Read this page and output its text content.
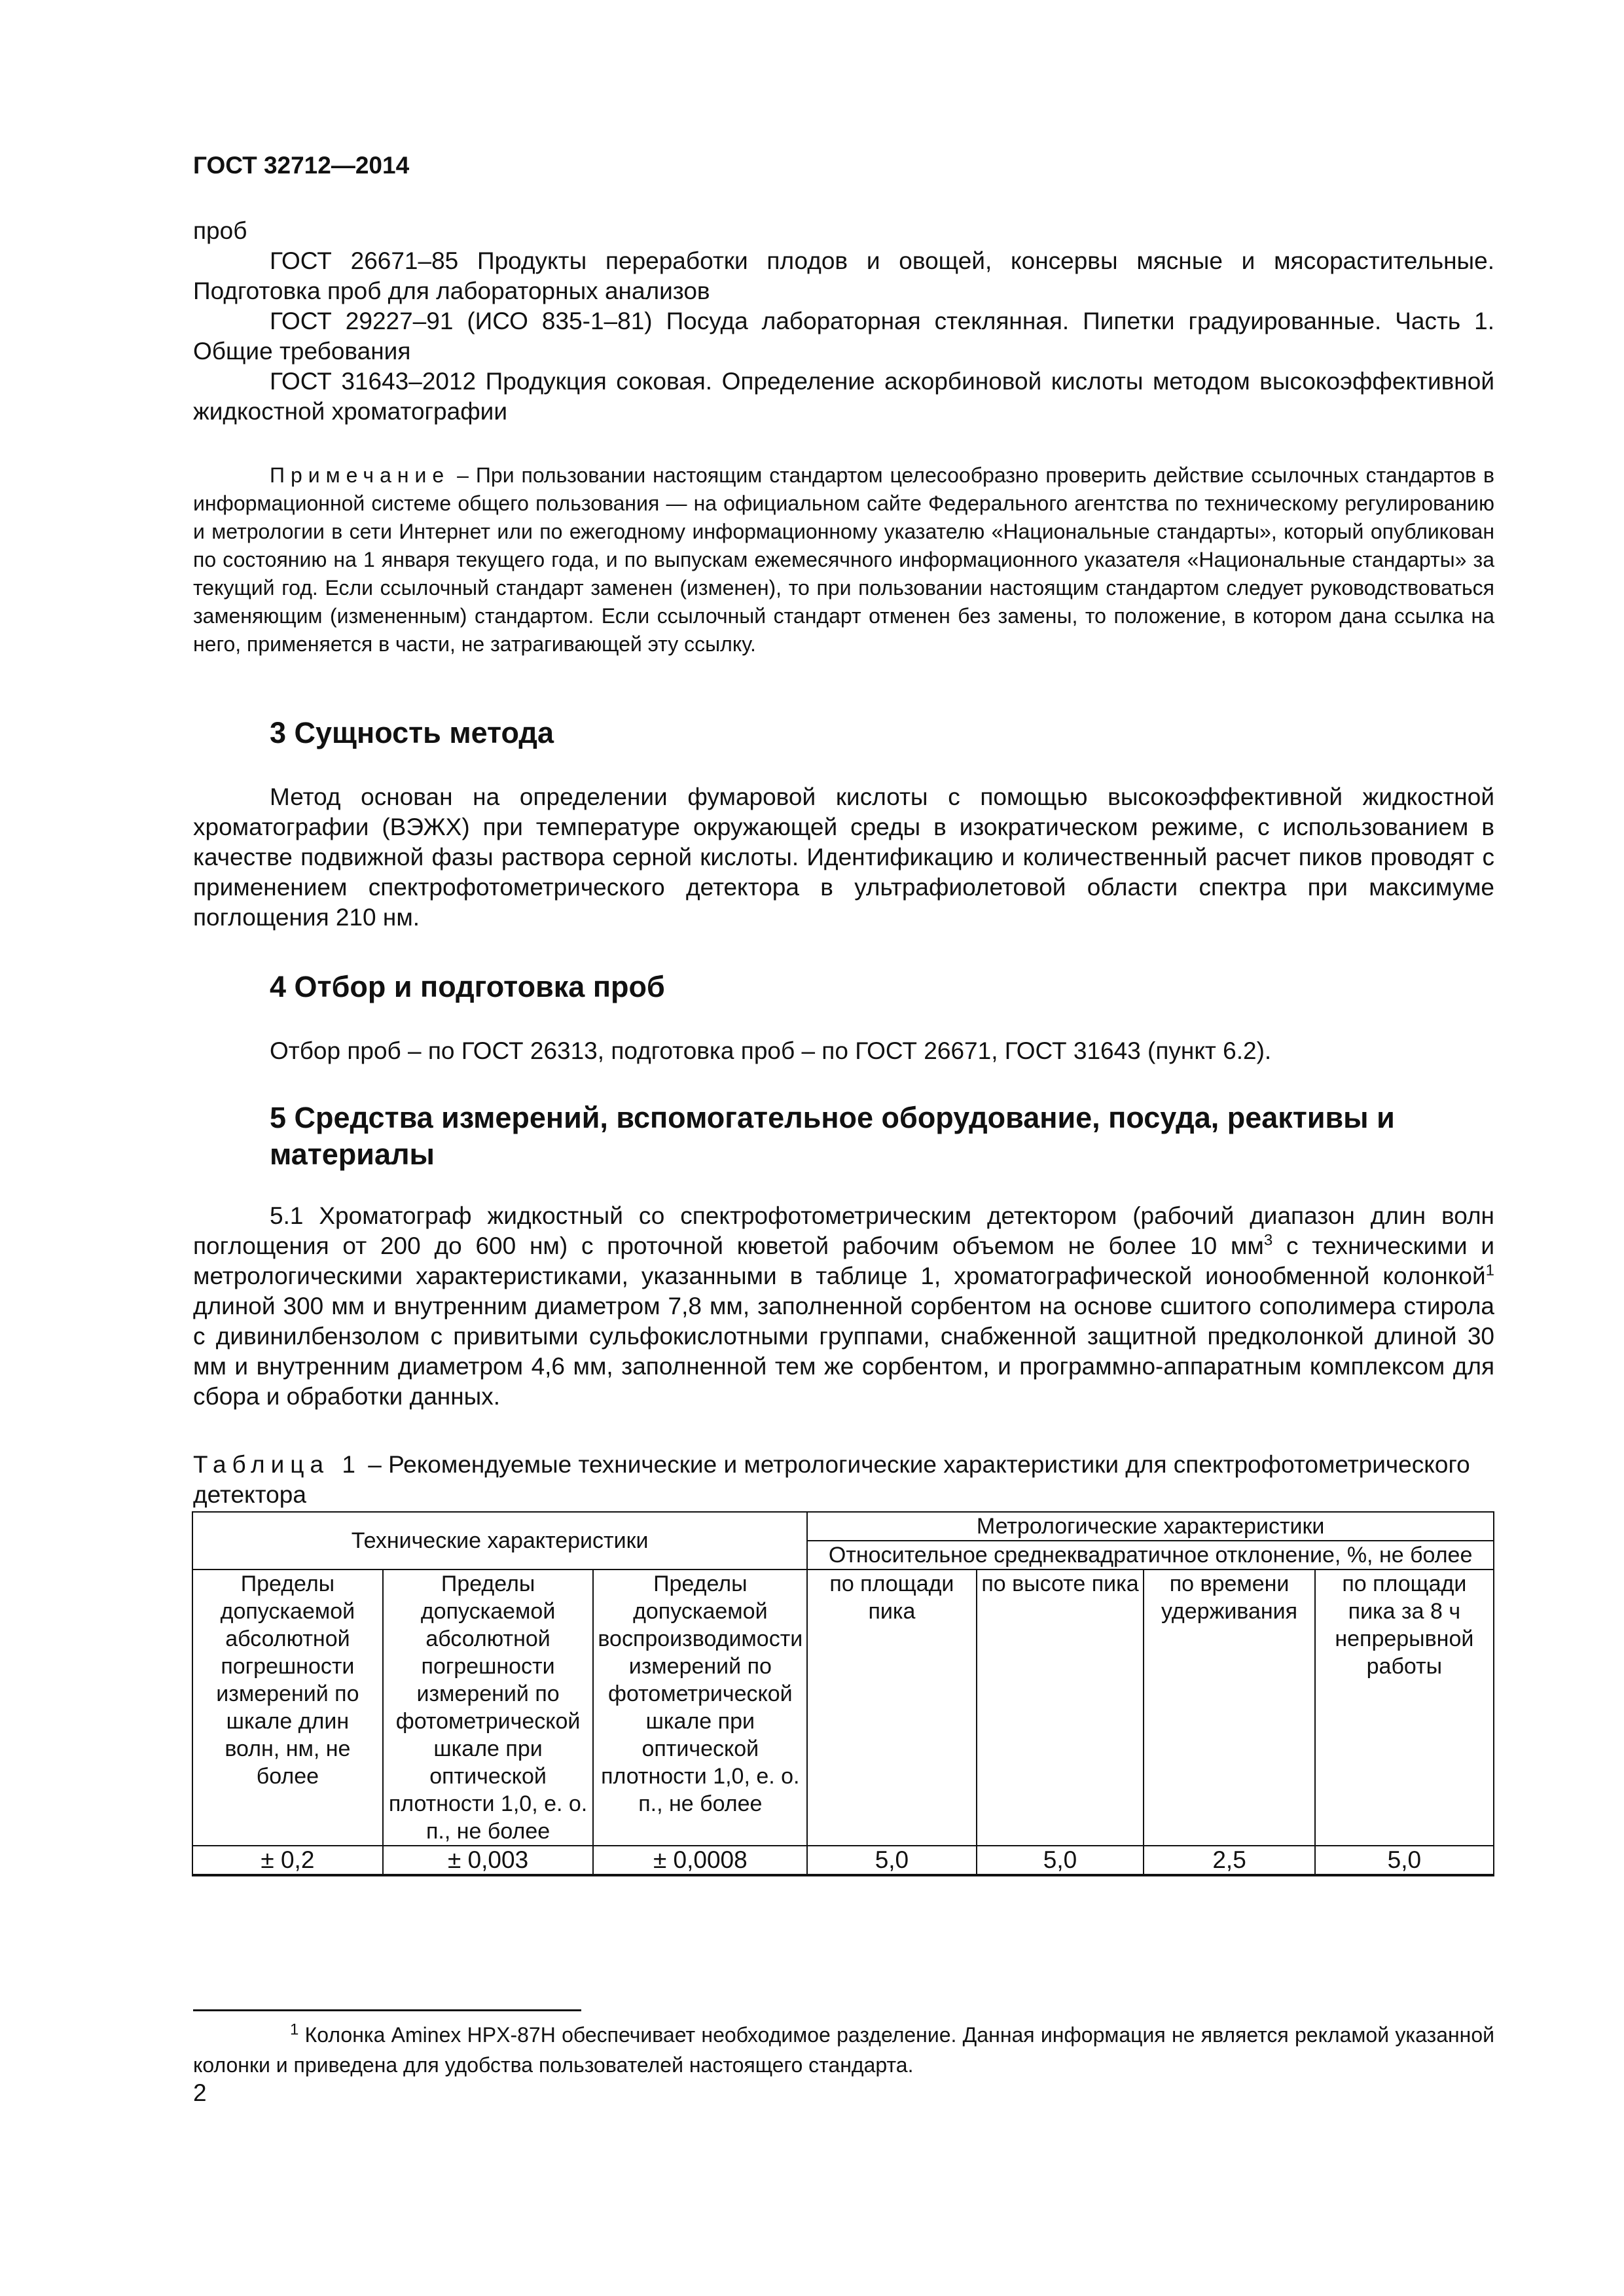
ГОСТ 32712—2014

проб

ГОСТ 26671–85 Продукты переработки плодов и овощей, консервы мясные и мясорастительные. Подготовка проб для лабораторных анализов

ГОСТ 29227–91 (ИСО 835-1–81) Посуда лабораторная стеклянная. Пипетки градуированные. Часть 1. Общие требования

ГОСТ 31643–2012 Продукция соковая. Определение аскорбиновой кислоты методом высокоэффективной жидкостной хроматографии

Примечание – При пользовании настоящим стандартом целесообразно проверить действие ссылочных стандартов в информационной системе общего пользования — на официальном сайте Федерального агентства по техническому регулированию и метрологии в сети Интернет или по ежегодному информационному указателю «Национальные стандарты», который опубликован по состоянию на 1 января текущего года, и по выпускам ежемесячного информационного указателя «Национальные стандарты» за текущий год. Если ссылочный стандарт заменен (изменен), то при пользовании настоящим стандартом следует руководствоваться заменяющим (измененным) стандартом. Если ссылочный стандарт отменен без замены, то положение, в котором дана ссылка на него, применяется в части, не затрагивающей эту ссылку.
3 Сущность метода

Метод основан на определении фумаровой кислоты с помощью высокоэффективной жидкостной хроматографии (ВЭЖХ) при температуре окружающей среды в изократическом режиме, с использованием в качестве подвижной фазы раствора серной кислоты. Идентификацию и количественный расчет пиков проводят с применением спектрофотометрического детектора в ультрафиолетовой области спектра при максимуме поглощения 210 нм.

4 Отбор и подготовка проб

Отбор проб – по ГОСТ 26313, подготовка проб – по ГОСТ 26671, ГОСТ 31643 (пункт 6.2).

5 Средства измерений, вспомогательное оборудование, посуда, реактивы и материалы

5.1 Хроматограф жидкостный со спектрофотометрическим детектором (рабочий диапазон длин волн поглощения от 200 до 600 нм) с проточной кюветой рабочим объемом не более 10 $мм^3$ с техническими и метрологическими характеристиками, указанными в таблице 1, хроматографической ионообменной колонкой$^1$ длиной 300 мм и внутренним диаметром 7,8 мм, заполненной сорбентом на основе сшитого сополимера стирола с дивинилбензолом с привитыми сульфокислотными группами, снабженной защитной предколонкой длиной 30 мм и внутренним диаметром 4,6 мм, заполненной тем же сорбентом, и программно-аппаратным комплексом для сбора и обработки данных.

Таблица 1 – Рекомендуемые технические и метрологические характеристики для спектрофотометрического детектора
Технические характеристики			Метрологические характеристики			
			Относительное среднеквадратичное отклонение, %, не более			
Пределы допускаемой абсолютной погрешности измерений по шкале длин волн, нм, не более	Пределы допускаемой абсолютной погрешности измерений по фотометрической шкале при оптической плотности 1,0, е. о. п., не более	Пределы допускаемой воспроизводимости измерений по фотометрической шкале при оптической плотности 1,0, е. о. п., не более	по площади пика	по высоте пика	по времени удерживания	по площади пика за 8 ч непрерывной работы
± 0,2	± 0,003	± 0,0008	5,0	5,0	2,5	5,0
$^1$ Колонка Aminex HPX-87H обеспечивает необходимое разделение. Данная информация не является рекламой указанной колонки и приведена для удобства пользователей настоящего стандарта.
2
